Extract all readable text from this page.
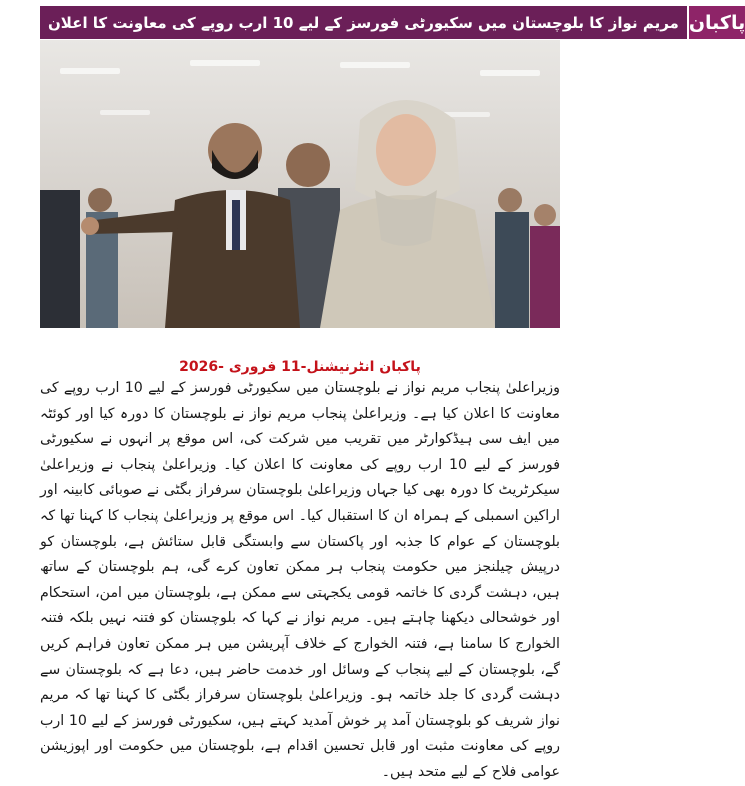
مریم نواز کا بلوچستان میں سکیورٹی فورسز کے لیے 10 ارب روپے کی معاونت کا اعلان پاکبان
پاکبان انٹرنیشنل-11 فروری -2026

وزیراعلیٰ پنجاب مریم نواز نے بلوچستان میں سکیورٹی فورسز کے لیے 10 ارب روپے کی معاونت کا اعلان کیا ہے۔ وزیراعلیٰ پنجاب مریم نواز نے بلوچستان کا دورہ کیا اور کوئٹہ میں ایف سی ہیڈکوارٹر میں تقریب میں شرکت کی، اس موقع پر انہوں نے سکیورٹی فورسز کے لیے 10 ارب روپے کی معاونت کا اعلان کیا۔ وزیراعلیٰ پنجاب نے وزیراعلیٰ سیکرٹریٹ کا دورہ بھی کیا جہاں وزیراعلیٰ بلوچستان سرفراز بگٹی نے صوبائی کابینہ اور اراکین اسمبلی کے ہمراہ ان کا استقبال کیا۔ اس موقع پر وزیراعلیٰ پنجاب کا کہنا تھا کہ بلوچستان کے عوام کا جذبہ اور پاکستان سے وابستگی قابل ستائش ہے، بلوچستان کو درپیش چیلنجز میں حکومت پنجاب ہر ممکن تعاون کرے گی، ہم بلوچستان کے ساتھ ہیں، دہشت گردی کا خاتمہ قومی یکجہتی سے ممکن ہے، بلوچستان میں امن، استحکام اور خوشحالی دیکھنا چاہتے ہیں۔ مریم نواز نے کہا کہ بلوچستان کو فتنہ نہیں بلکہ فتنہ الخوارج کا سامنا ہے، فتنہ الخوارج کے خلاف آپریشن میں ہر ممکن تعاون فراہم کریں گے، بلوچستان کے لیے پنجاب کے وسائل اور خدمت حاضر ہیں، دعا ہے کہ بلوچستان سے دہشت گردی کا جلد خاتمہ ہو۔ وزیراعلیٰ بلوچستان سرفراز بگٹی کا کہنا تھا کہ مریم نواز شریف کو بلوچستان آمد پر خوش آمدید کہتے ہیں، سکیورٹی فورسز کے لیے 10 ارب روپے کی معاونت مثبت اور قابل تحسین اقدام ہے، بلوچستان میں حکومت اور اپوزیشن عوامی فلاح کے لیے متحد ہیں۔
